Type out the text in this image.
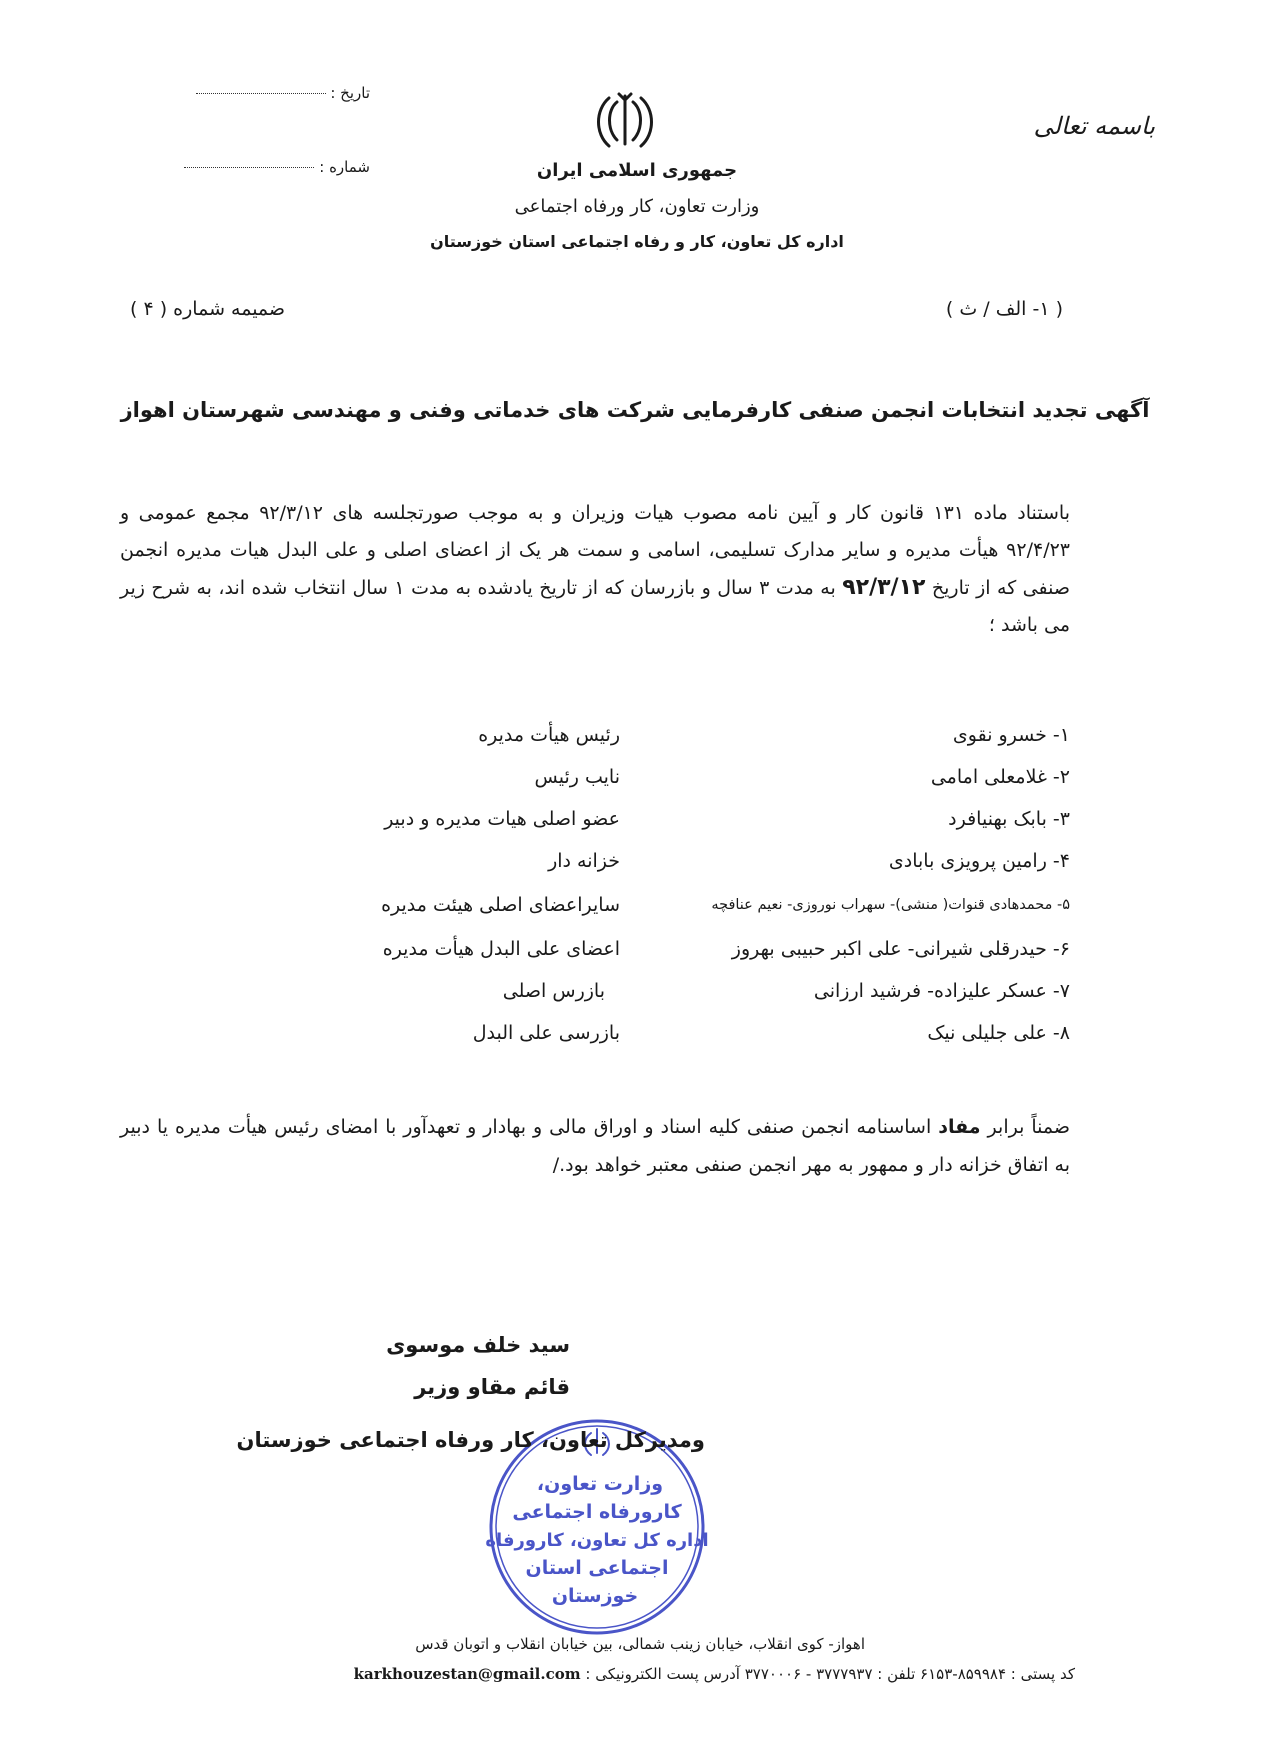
باسمه تعالی
تاریخ :
شماره :	جمهوری اسلامی ایران
وزارت تعاون، کار ورفاه اجتماعی
اداره کل تعاون، کار و رفاه اجتماعی استان خوزستان
( ۱- الف / ث )
ضمیمه شماره ( ۴ )
آگهی تجدید انتخابات انجمن صنفی کارفرمایی شرکت های خدماتی وفنی و مهندسی شهرستان اهواز
باستناد ماده ۱۳۱ قانون کار و آیین نامه مصوب هیات وزیران و به موجب صورتجلسه های ۹۲/۳/۱۲ مجمع عمومی و ۹۲/۴/۲۳ هیأت مدیره و سایر مدارک تسلیمی، اسامی و سمت هر یک از اعضای اصلی و علی البدل هیات مدیره انجمن صنفی که از تاریخ ۹۲/۳/۱۲ به مدت ۳ سال و بازرسان که از تاریخ یادشده به مدت ۱ سال انتخاب شده اند، به شرح زیر می باشد ؛
۱- خسرو نقوی
رئیس هیأت مدیره
۲- غلامعلی امامی
نایب رئیس
۳- بابک بهنیافرد
عضو اصلی هیات مدیره و دبیر
۴- رامین پرویزی بابادی
خزانه دار
۵- محمدهادی قنوات( منشی)- سهراب نوروزی- نعیم عنافچه
سایراعضای اصلی هیئت مدیره
۶- حیدرقلی شیرانی- علی اکبر حبیبی بهروز
اعضای علی البدل هیأت مدیره
۷- عسکر علیزاده- فرشید ارزانی
بازرس اصلی
۸- علی جلیلی نیک
بازرسی علی البدل
ضمناً برابر مفاد اساسنامه انجمن صنفی کلیه اسناد و اوراق مالی و بهادار و تعهدآور با امضای رئیس هیأت مدیره یا دبیر به اتفاق خزانه دار و ممهور به مهر انجمن صنفی معتبر خواهد بود./
سید خلف موسوی
قائم مقاو وزیر
وزارت تعاون،
کارورفاه اجتماعی
اداره کل تعاون، کارورفاه
اجتماعی استان
خوزستان
ومدیرکل تعاون، کار ورفاه اجتماعی خوزستان
اهواز- کوی انقلاب، خیابان زینب شمالی، بین خیابان انقلاب و اتوبان قدس
کد پستی : ۸۵۹۹۸۴-۶۱۵۳ تلفن : ۳۷۷۷۹۳۷ - ۳۷۷۰۰۰۶ آدرس پست الکترونیکی : karkhouzestan@gmail.com
